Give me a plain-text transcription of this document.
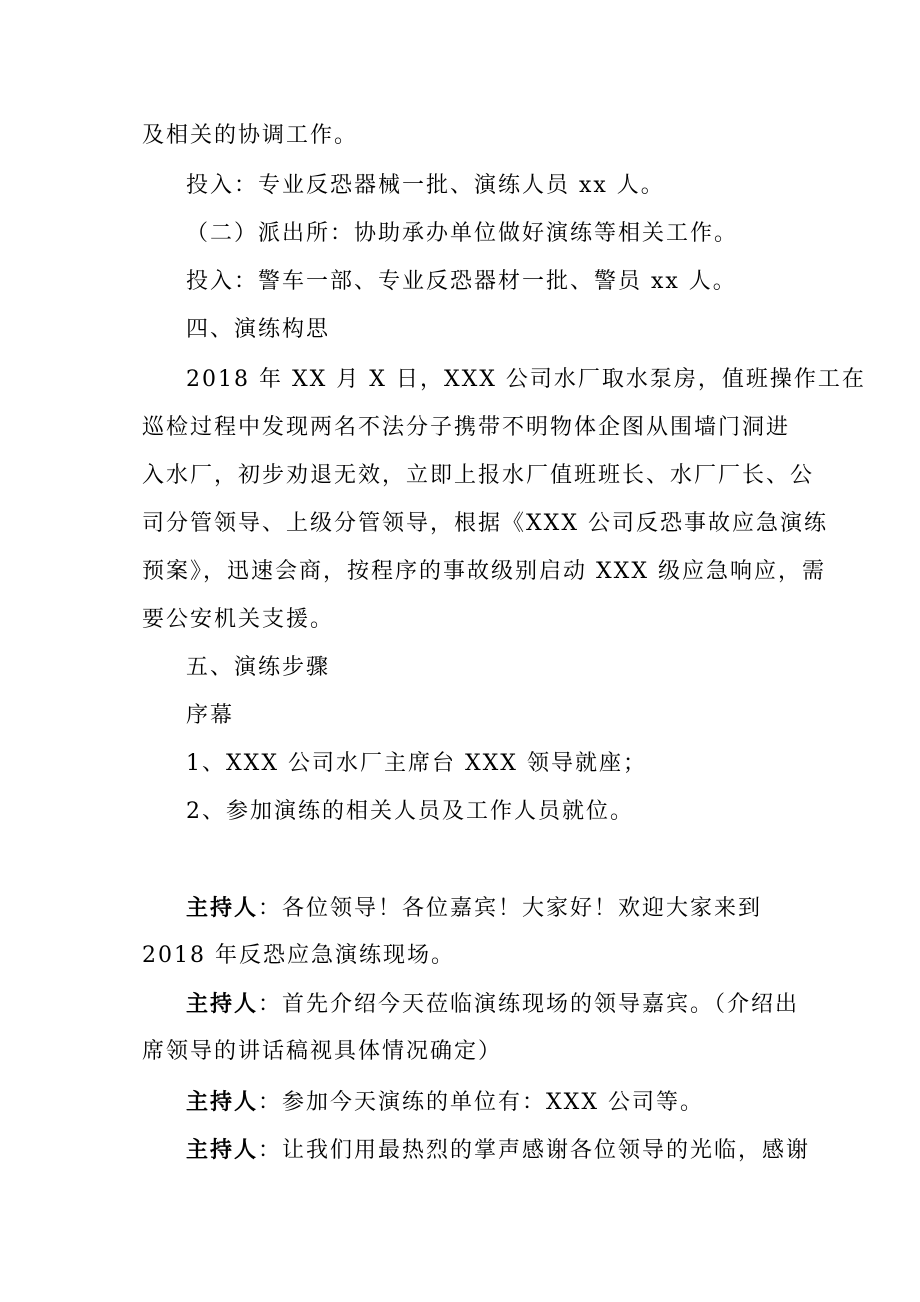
及相关的协调工作。
投入：专业反恐器械一批、演练人员 xx 人。
（二）派出所：协助承办单位做好演练等相关工作。
投入：警车一部、专业反恐器材一批、警员 xx 人。
四、演练构思
2018 年 XX 月 X 日，XXX 公司水厂取水泵房，值班操作工在
巡检过程中发现两名不法分子携带不明物体企图从围墙门洞进
入水厂，初步劝退无效，立即上报水厂值班班长、水厂厂长、公
司分管领导、上级分管领导，根据《XXX 公司反恐事故应急演练
预案》，迅速会商，按程序的事故级别启动 XXX 级应急响应，需
要公安机关支援。
五、演练步骤
序幕
1、XXX 公司水厂主席台 XXX 领导就座；
2、参加演练的相关人员及工作人员就位。
主持人：各位领导！各位嘉宾！大家好！欢迎大家来到
2018 年反恐应急演练现场。
主持人：首先介绍今天莅临演练现场的领导嘉宾。（介绍出
席领导的讲话稿视具体情况确定）
主持人：参加今天演练的单位有：XXX 公司等。
主持人：让我们用最热烈的掌声感谢各位领导的光临，感谢
